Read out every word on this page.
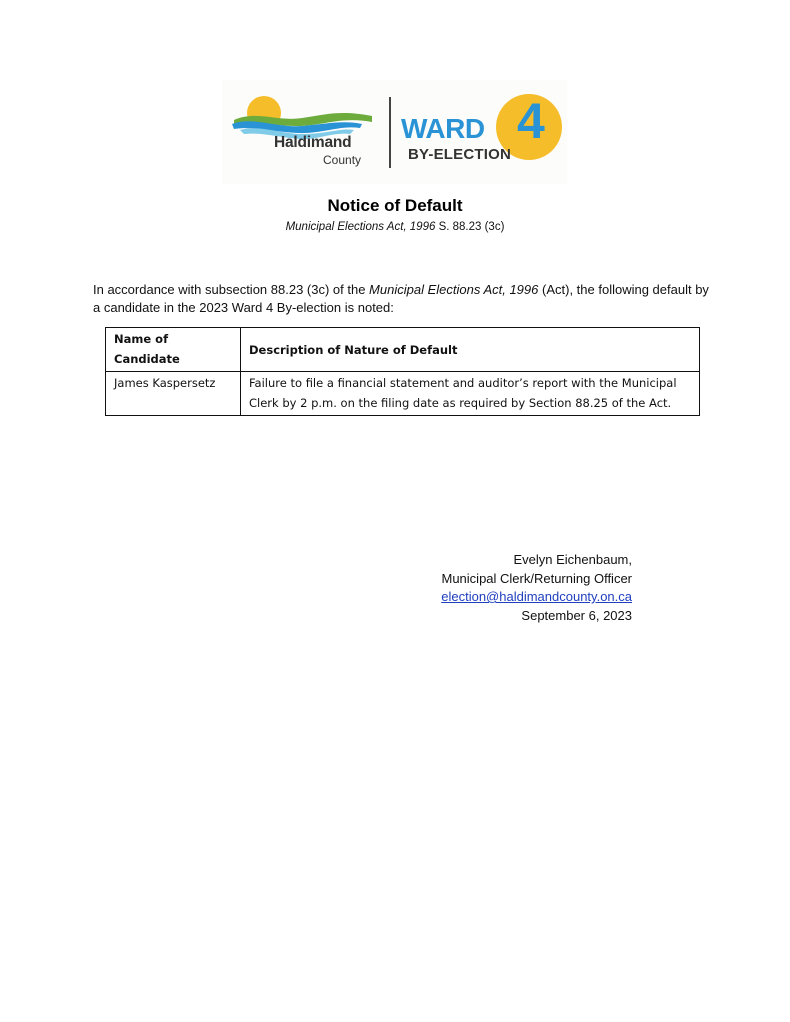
Haldimand
County
WARD 4
BY-ELECTION
Notice of Default
Municipal Elections Act, 1996 S. 88.23 (3c)
In accordance with subsection 88.23 (3c) of the Municipal Elections Act, 1996 (Act), the following default by a candidate in the 2023 Ward 4 By-election is noted:
Name of Candidate	Description of Nature of Default
James Kaspersetz	Failure to file a financial statement and auditor’s report with the Municipal Clerk by 2 p.m. on the filing date as required by Section 88.25 of the Act.
Evelyn Eichenbaum,
Municipal Clerk/Returning Officer
election@haldimandcounty.on.ca
September 6, 2023
